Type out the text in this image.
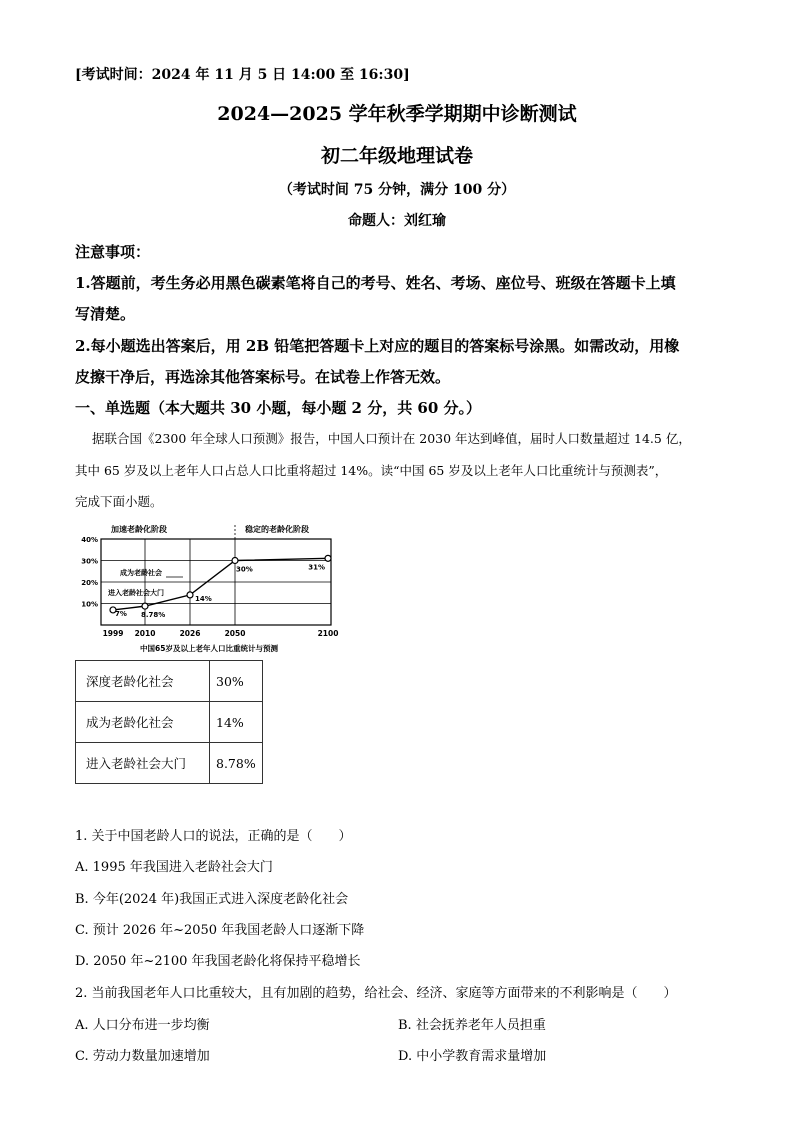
[考试时间：2024 年 11 月 5 日 14:00 至 16:30]
2024—2025 学年秋季学期期中诊断测试
初二年级地理试卷
（考试时间 75 分钟，满分 100 分）
命题人：刘红瑜
注意事项：
1.答题前，考生务必用黑色碳素笔将自己的考号、姓名、考场、座位号、班级在答题卡上填
写清楚。
2.每小题选出答案后，用 2B 铅笔把答题卡上对应的题目的答案标号涂黑。如需改动，用橡
皮擦干净后，再选涂其他答案标号。在试卷上作答无效。
一、单选题（本大题共 30 小题，每小题 2 分，共 60 分。）
据联合国《2300 年全球人口预测》报告，中国人口预计在 2030 年达到峰值，届时人口数量超过 14.5 亿，
其中 65 岁及以上老年人口占总人口比重将超过 14%。读“中国 65 岁及以上老年人口比重统计与预测表”，
完成下面小题。
加速老龄化阶段	稳定的老龄化阶段
10%
20%
30%
40%
1999 2010	2026	2050	2100
7% 8.78%
14%
30%	31%
成为老龄社会
进入老龄社会大门
中国65岁及以上老年人口比重统计与预测
深度老龄化社会	30%
成为老龄化社会	14%
进入老龄社会大门	8.78%
1. 关于中国老龄人口的说法，正确的是（　　）
A. 1995 年我国进入老龄社会大门
B. 今年(2024 年)我国正式进入深度老龄化社会
C. 预计 2026 年~2050 年我国老龄人口逐渐下降
D. 2050 年~2100 年我国老龄化将保持平稳增长
2. 当前我国老年人口比重较大，且有加剧的趋势，给社会、经济、家庭等方面带来的不利影响是（　　）
A. 人口分布进一步均衡	B. 社会抚养老年人员担重
C. 劳动力数量加速增加	D. 中小学教育需求量增加
